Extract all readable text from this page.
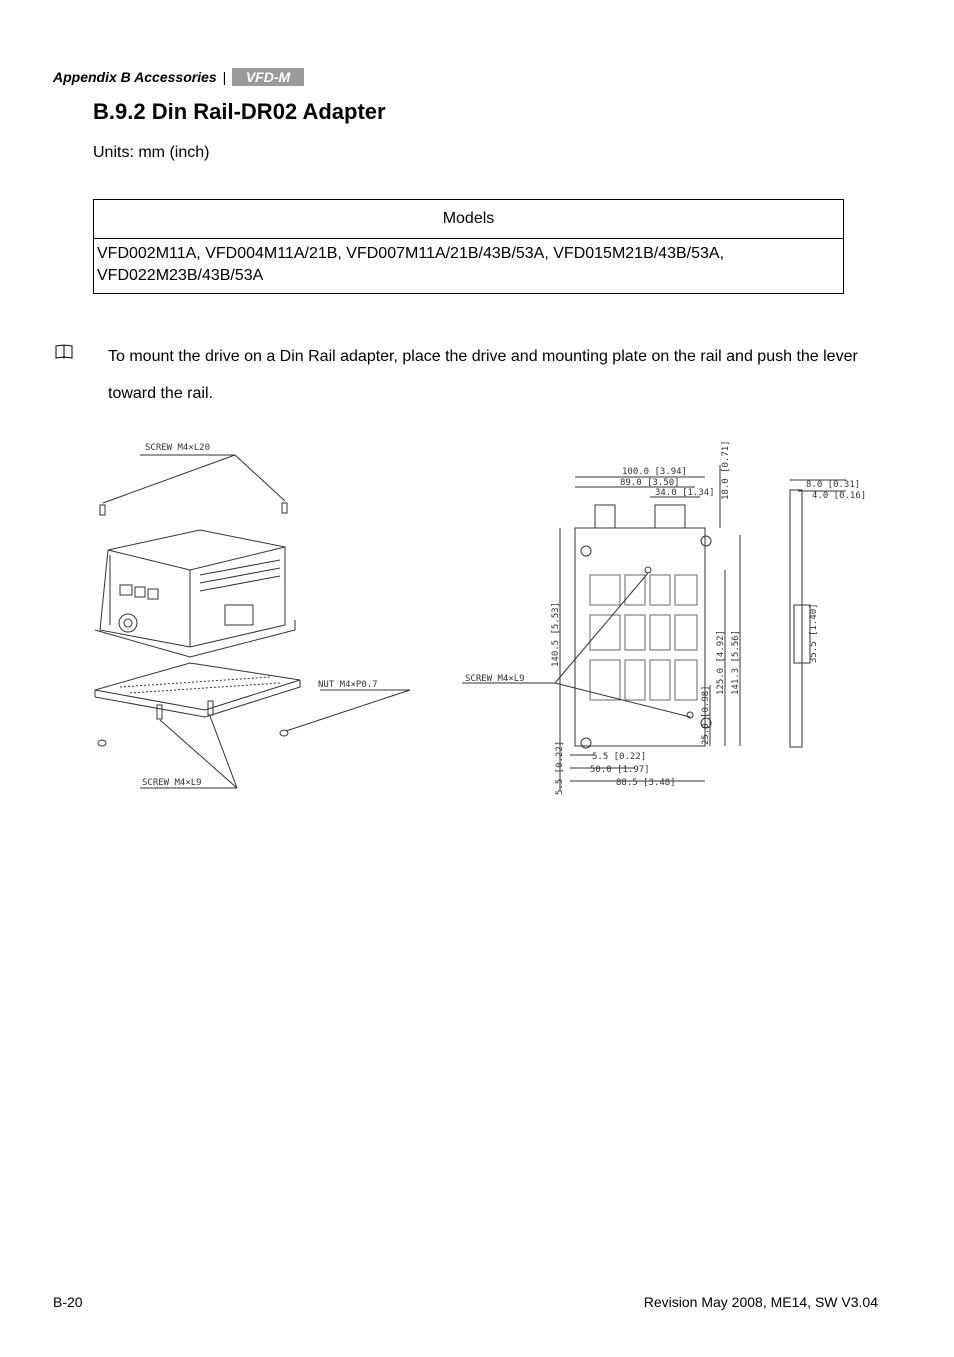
Appendix B Accessories | VFD-M
B.9.2 Din Rail-DR02 Adapter
Units: mm (inch)
Models
VFD002M11A, VFD004M11A/21B, VFD007M11A/21B/43B/53A, VFD015M21B/43B/53A, VFD022M23B/43B/53A
To mount the drive on a Din Rail adapter, place the drive and mounting plate on the rail and push the lever toward the rail.
SCREW M4×L20
NUT M4×P0.7
SCREW M4×L9
SCREW M4×L9
100.0 [3.94]
89.0 [3.50]
34.0 [1.34] 18.0 [0.71]	8.0 [0.31]
4.0 [0.16]
140.5 [5.53]
25.0 [0.98]
125.0 [4.92] 141.3 [5.56]	35.5 [1.40]
5.5 [0.22]
50.0 [1.97]
88.5 [3.48]
5.5 [0.22]
B-20	Revision May 2008, ME14, SW V3.04
